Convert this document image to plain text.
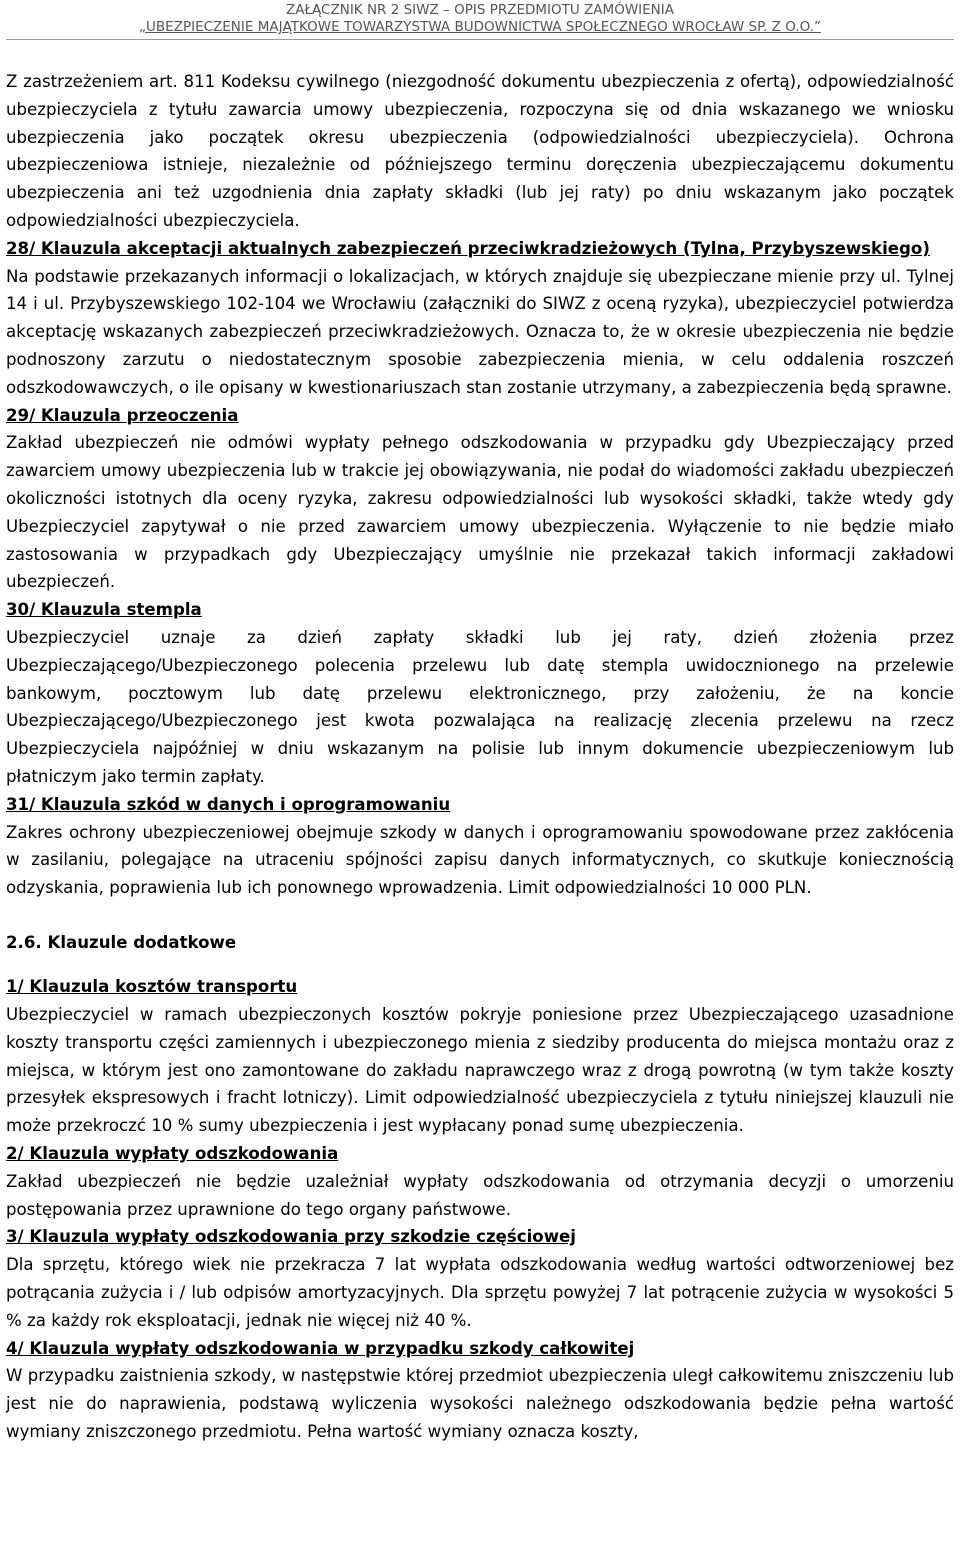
ZAŁĄCZNIK NR 2 SIWZ – OPIS PRZEDMIOTU ZAMÓWIENIA
„UBEZPIECZENIE MAJĄTKOWE TOWARZYSTWA BUDOWNICTWA SPOŁECZNEGO WROCŁAW SP. Z O.O.”

Z zastrzeżeniem art. 811 Kodeksu cywilnego (niezgodność dokumentu ubezpieczenia z ofertą), odpowiedzialność ubezpieczyciela z tytułu zawarcia umowy ubezpieczenia, rozpoczyna się od dnia wskazanego we wniosku ubezpieczenia jako początek okresu ubezpieczenia (odpowiedzialności ubezpieczyciela). Ochrona ubezpieczeniowa istnieje, niezależnie od późniejszego terminu doręczenia ubezpieczającemu dokumentu ubezpieczenia ani też uzgodnienia dnia zapłaty składki (lub jej raty) po dniu wskazanym jako początek odpowiedzialności ubezpieczyciela.

28/ Klauzula akceptacji aktualnych zabezpieczeń przeciwkradzieżowych (Tylna, Przybyszewskiego)

Na podstawie przekazanych informacji o lokalizacjach, w których znajduje się ubezpieczane mienie przy ul. Tylnej 14 i ul. Przybyszewskiego 102-104 we Wrocławiu (załączniki do SIWZ z oceną ryzyka), ubezpieczyciel potwierdza akceptację wskazanych zabezpieczeń przeciwkradzieżowych. Oznacza to, że w okresie ubezpieczenia nie będzie podnoszony zarzutu o niedostatecznym sposobie zabezpieczenia mienia, w celu oddalenia roszczeń odszkodowawczych, o ile opisany w kwestionariuszach stan zostanie utrzymany, a zabezpieczenia będą sprawne.

29/ Klauzula przeoczenia

Zakład ubezpieczeń nie odmówi wypłaty pełnego odszkodowania w przypadku gdy Ubezpieczający przed zawarciem umowy ubezpieczenia lub w trakcie jej obowiązywania, nie podał do wiadomości zakładu ubezpieczeń okoliczności istotnych dla oceny ryzyka, zakresu odpowiedzialności lub wysokości składki, także wtedy gdy Ubezpieczyciel zapytywał o nie przed zawarciem umowy ubezpieczenia. Wyłączenie to nie będzie miało zastosowania w przypadkach gdy Ubezpieczający umyślnie nie przekazał takich informacji zakładowi ubezpieczeń.

30/ Klauzula stempla

Ubezpieczyciel uznaje za dzień zapłaty składki lub jej raty, dzień złożenia przez Ubezpieczającego/Ubezpieczonego polecenia przelewu lub datę stempla uwidocznionego na przelewie bankowym, pocztowym lub datę przelewu elektronicznego, przy założeniu, że na koncie Ubezpieczającego/Ubezpieczonego jest kwota pozwalająca na realizację zlecenia przelewu na rzecz Ubezpieczyciela najpóźniej w dniu wskazanym na polisie lub innym dokumencie ubezpieczeniowym lub płatniczym jako termin zapłaty.

31/ Klauzula szkód w danych i oprogramowaniu

Zakres ochrony ubezpieczeniowej obejmuje szkody w danych i oprogramowaniu spowodowane przez zakłócenia w zasilaniu, polegające na utraceniu spójności zapisu danych informatycznych, co skutkuje koniecznością odzyskania, poprawienia lub ich ponownego wprowadzenia. Limit odpowiedzialności 10 000 PLN.

2.6. Klauzule dodatkowe

1/ Klauzula kosztów transportu

Ubezpieczyciel w ramach ubezpieczonych kosztów pokryje poniesione przez Ubezpieczającego uzasadnione koszty transportu części zamiennych i ubezpieczonego mienia z siedziby producenta do miejsca montażu oraz z miejsca, w którym jest ono zamontowane do zakładu naprawczego wraz z drogą powrotną (w tym także koszty przesyłek ekspresowych i fracht lotniczy). Limit odpowiedzialność ubezpieczyciela z tytułu niniejszej klauzuli nie może przekroczć 10 % sumy ubezpieczenia i jest wypłacany ponad sumę ubezpieczenia.

2/ Klauzula wypłaty odszkodowania

Zakład ubezpieczeń nie będzie uzależniał wypłaty odszkodowania od otrzymania decyzji o umorzeniu postępowania przez uprawnione do tego organy państwowe.

3/ Klauzula wypłaty odszkodowania przy szkodzie częściowej

Dla sprzętu, którego wiek nie przekracza 7 lat wypłata odszkodowania według wartości odtworzeniowej bez potrącania zużycia i / lub odpisów amortyzacyjnych. Dla sprzętu powyżej 7 lat potrącenie zużycia w wysokości 5 % za każdy rok eksploatacji, jednak nie więcej niż 40 %.

4/ Klauzula wypłaty odszkodowania w przypadku szkody całkowitej

W przypadku zaistnienia szkody, w następstwie której przedmiot ubezpieczenia uległ całkowitemu zniszczeniu lub jest nie do naprawienia, podstawą wyliczenia wysokości należnego odszkodowania będzie pełna wartość wymiany zniszczonego przedmiotu. Pełna wartość wymiany oznacza koszty,
